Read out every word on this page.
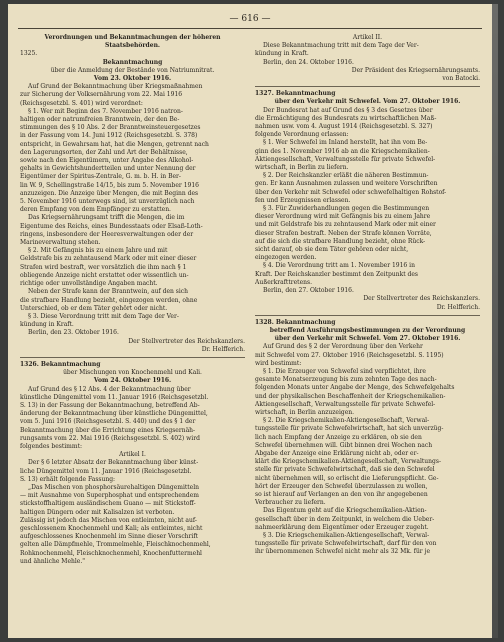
— 616 —
Verordnungen und Bekanntmachungen der höheren
Staatsbehörden.
1325.
Bekanntmachung
über die Anmeldung der Bestände von Natriumnitrat.
Vom 23. Oktober 1916.
Auf Grund der Bekanntmachung über Kriegsmaßnahmen
zur Sicherung der Volksernährung vom 22. Mai 1916
(Reichsgesetzbl. S. 401) wird verordnet:
§ 1. Wer mit Beginn des 7. November 1916 natron-
haltigen oder natrumfreien Branntwein, der den Be-
stimmungen des § 10 Abs. 2 der Branntweinsteuergesetzes
in der Fassung vom 14. Juni 1912 (Reichsgesetzbl. S. 378)
entspricht, in Gewahrsam hat, hat die Mengen, getrennt nach
den Lagerungsorten, der Zahl und Art der Behältnisse,
sowie nach den Eigentümern, unter Angabe des Alkohol-
gehalts in Gewichtshundertteilen und unter Nennung der
Eigentümer der Spiritus-Zentrale, G. m. b. H. in Ber-
lin W. 9, Schellingstraße 14/15, bis zum 5. November 1916
anzuzeigen. Die Anzeige über Mengen, die mit Beginn des
5. November 1916 unterwegs sind, ist unverzüglich nach
deren Empfang von dem Empfänger zu erstatten.
Das Kriegsernährungsamt trifft die Mengen, die im
Eigentume des Reichs, eines Bundesstaats oder Elsaß-Loth-
ringens, insbesondere der Heeresverwaltungen oder der
Marineverwaltung stehen.
§ 2. Mit Gefängnis bis zu einem Jahre und mit
Geldstrafe bis zu zehntausend Mark oder mit einer dieser
Strafen wird bestraft, wer vorsätzlich die ihm nach § 1
obliegende Anzeige nicht erstattet oder wissentlich un-
richtige oder unvollständige Angaben macht.
Neben der Strafe kann der Branntwein, auf den sich
die strafbare Handlung bezieht, eingezogen werden, ohne
Unterschied, ob er dem Täter gehört oder nicht.
§ 3. Diese Verordnung tritt mit dem Tage der Ver-
kündung in Kraft.
Berlin, den 23. Oktober 1916.
Der Stellvertreter des Reichskanzlers.
Dr. Helfferich.
1326. Bekanntmachung
über Mischungen von Knochenmehl und Kali.
Vom 24. Oktober 1916.
Auf Grund des § 12 Abs. 4 der Bekanntmachung über
künstliche Düngemittel vom 11. Januar 1916 (Reichsgesetzbl.
S. 13) in der Fassung der Bekanntmachung, betreffend Ab-
änderung der Bekanntmachung über künstliche Düngemittel,
vom 5. Juni 1916 (Reichsgesetzbl. S. 440) und des § 1 der
Bekanntmachung über die Errichtung eines Kriegsernäh-
rungsamts vom 22. Mai 1916 (Reichsgesetzbl. S. 402) wird
folgendes bestimmt:
Artikel I.
Der § 6 letzter Absatz der Bekanntmachung über künst-
liche Düngemittel vom 11. Januar 1916 (Reichsgesetzbl.
S. 13) erhält folgende Fassung:
„Das Mischen von phosphorsäurehaltigen Düngemitteln
— mit Ausnahme von Superphosphat und entsprechendem
stickstoffhaltigem ausländischem Guano — mit Stickstoff-
haltigen Düngern oder mit Kalisalzen ist verboten.
Zulässig ist jedoch das Mischen von entleimten, nicht auf-
geschlossenem Knochenmehl und Kali; als entleimtes, nicht
aufgeschlossenes Knochenmehl im Sinne dieser Vorschrift
gelten alle Dämpfmehle, Trommelmehle, Fleischknochenmehl,
Rohknochenmehl, Fleischknochenmehl, Knochenfuttermehl
und ähnliche Mehle."
Artikel II.
Diese Bekanntmachung tritt mit dem Tage der Ver-
kündung in Kraft.
Berlin, den 24. Oktober 1916.
Der Präsident des Kriegsernährungsamts.
von Batocki.
1327. Bekanntmachung
über den Verkehr mit Schwefel. Vom 27. Oktober 1916.
Der Bundesrat hat auf Grund des § 3 des Gesetzes über
die Ermächtigung des Bundesrats zu wirtschaftlichen Maß-
nahmen usw. vom 4. August 1914 (Reichsgesetzbl. S. 327)
folgende Verordnung erlassen:
§ 1. Wer Schwefel im Inland herstellt, hat ihn vom Be-
ginn des 1. November 1916 ab an die Kriegschemikalien-
Aktiengesellschaft, Verwaltungsstelle für private Schwefel-
wirtschaft, in Berlin zu liefern.
§ 2. Der Reichskanzler erläßt die näheren Bestimmun-
gen. Er kann Ausnahmen zulassen und weitere Vorschriften
über den Verkehr mit Schwefel oder schwefelhaltigen Rohstof-
fen und Erzeugnissen erlassen.
§ 3. Für Zuwiderhandlungen gegen die Bestimmungen
dieser Verordnung wird mit Gefängnis bis zu einem Jahre
und mit Geldstrafe bis zu zehntausend Mark oder mit einer
dieser Strafen bestraft. Neben der Strafe können Vorräte,
auf die sich die strafbare Handlung bezieht, ohne Rück-
sicht darauf, ob sie dem Täter gehören oder nicht,
eingezogen werden.
§ 4. Die Verordnung tritt am 1. November 1916 in
Kraft. Der Reichskanzler bestimmt den Zeitpunkt des
Außerkrafttretens.
Berlin, den 27. Oktober 1916.
Der Stellvertreter des Reichskanzlers.
Dr. Helfferich.
1328. Bekanntmachung
betreffend Ausführungsbestimmungen zu der Verordnung
über den Verkehr mit Schwefel. Vom 27. Oktober 1916.
Auf Grund des § 2 der Verordnung über den Verkehr
mit Schwefel vom 27. Oktober 1916 (Reichsgesetzbl. S. 1195)
wird bestimmt:
§ 1. Die Erzeuger von Schwefel sind verpflichtet, ihre
gesamte Monatserzeugung bis zum zehnten Tage des nach-
folgenden Monats unter Angabe der Menge, des Schwefelgehalts
und der physikalischen Beschaffenheit der Kriegschemikalien-
Aktiengesellschaft, Verwaltungsstelle für private Schwefel-
wirtschaft, in Berlin anzuzeigen.
§ 2. Die Kriegschemikalien-Aktiengesellschaft, Verwal-
tungsstelle für private Schwefelwirtschaft, hat sich unverzüg-
lich nach Empfang der Anzeige zu erklären, ob sie den
Schwefel übernehmen will. Gibt binnen drei Wochen nach
Abgabe der Anzeige eine Erklärung nicht ab, oder er-
klärt die Kriegschemikalien-Aktiengesellschaft, Verwaltungs-
stelle für private Schwefelwirtschaft, daß sie den Schwefel
nicht übernehmen will, so erlischt die Lieferungspflicht. Ge-
hört der Erzeuger den Schwefel überzulassen zu wollen,
so ist hierauf auf Verlangen an den von ihr angegebenen
Verbraucher zu liefern.
Das Eigentum geht auf die Kriegschemikalien-Aktien-
gesellschaft über in dem Zeitpunkt, in welchem die Ueber-
nahmeerklärung dem Eigentümer oder Erzeuger zugeht.
§ 3. Die Kriegschemikalien-Aktiengesellschaft, Verwal-
tungsstelle für private Schwefelwirtschaft, darf für den von
ihr übernommenen Schwefel nicht mehr als 32 Mk. für je
